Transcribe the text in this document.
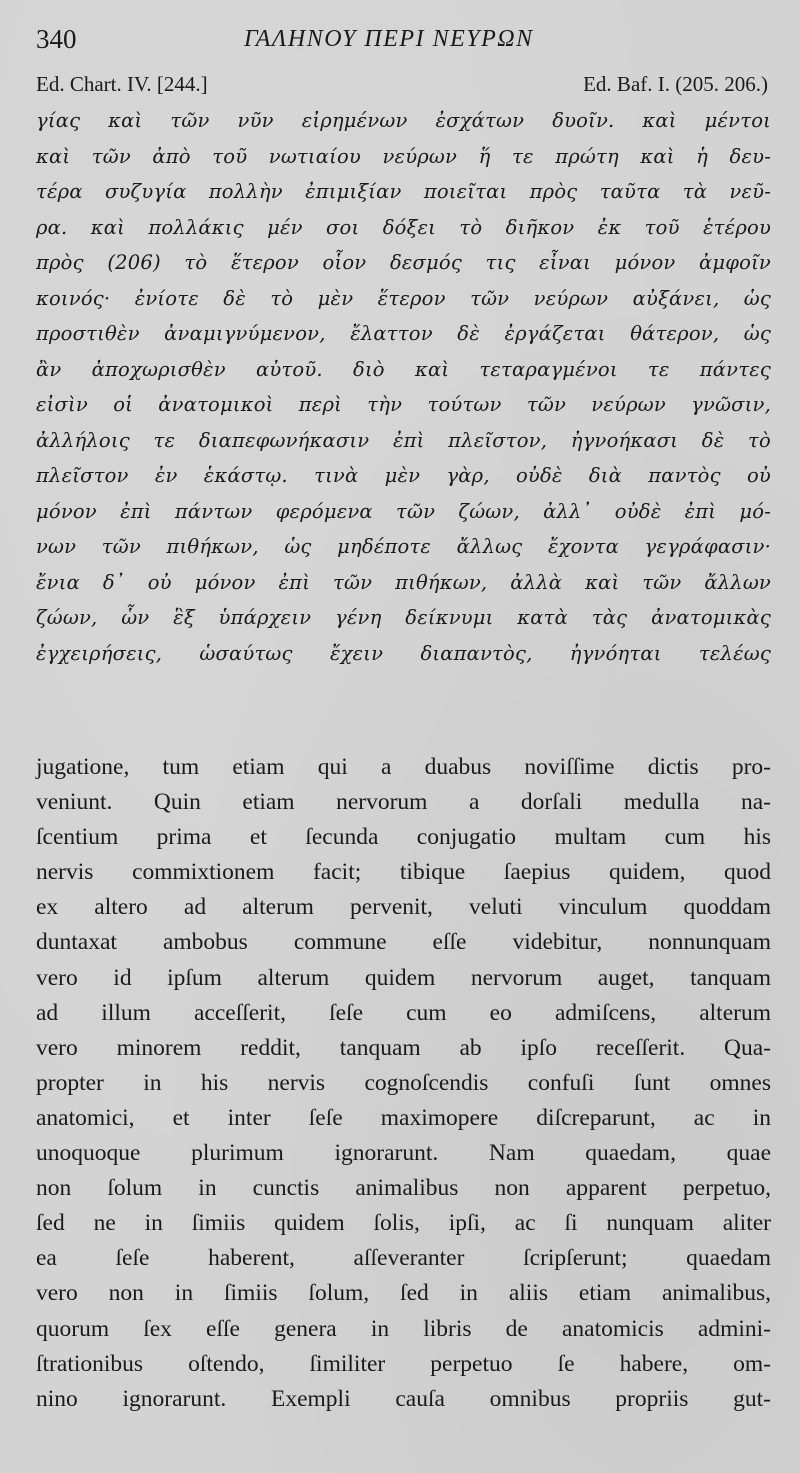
340	ΓΑΛΗΝΟΥ ΠΕΡΙ ΝΕΥΡΩΝ
Ed. Chart. IV. [244.]	Ed. Baf. I. (205. 206.)
γίας καὶ τῶν νῦν εἰρημένων ἐσχάτων δυοῖν. καὶ μέντοι
καὶ τῶν ἀπὸ τοῦ νωτιαίου νεύρων ἥ τε πρώτη καὶ ἡ δευ-
τέρα συζυγία πολλὴν ἐπιμιξίαν ποιεῖται πρὸς ταῦτα τὰ νεῦ-
ρα. καὶ πολλάκις μέν σοι δόξει τὸ διῆκον ἐκ τοῦ ἑτέρου
πρὸς (206) τὸ ἕτερον οἷον δεσμός τις εἶναι μόνον ἀμφοῖν
κοινός· ἐνίοτε δὲ τὸ μὲν ἕτερον τῶν νεύρων αὐξάνει, ὡς
προστιθὲν ἀναμιγνύμενον, ἔλαττον δὲ ἐργάζεται θάτερον, ὡς
ἂν ἀποχωρισθὲν αὐτοῦ. διὸ καὶ τεταραγμένοι τε πάντες
εἰσὶν οἱ ἀνατομικοὶ περὶ τὴν τούτων τῶν νεύρων γνῶσιν,
ἀλλήλοις τε διαπεφωνήκασιν ἐπὶ πλεῖστον, ἠγνοήκασι δὲ τὸ
πλεῖστον ἐν ἑκάστῳ. τινὰ μὲν γὰρ, οὐδὲ διὰ παντὸς οὐ
μόνον ἐπὶ πάντων φερόμενα τῶν ζώων, ἀλλ᾽ οὐδὲ ἐπὶ μό-
νων τῶν πιθήκων, ὡς μηδέποτε ἄλλως ἔχοντα γεγράφασιν·
ἔνια δ᾽ οὐ μόνον ἐπὶ τῶν πιθήκων, ἀλλὰ καὶ τῶν ἄλλων
ζώων, ὧν ἓξ ὑπάρχειν γένη δείκνυμι κατὰ τὰς ἀνατομικὰς
ἐγχειρήσεις, ὡσαύτως ἔχειν διαπαντὸς, ἠγνόηται τελέως
jugatione, tum etiam qui a duabus noviſſime dictis pro-
veniunt. Quin etiam nervorum a dorſali medulla na-
ſcentium prima et ſecunda conjugatio multam cum his
nervis commixtionem facit; tibique ſaepius quidem, quod
ex altero ad alterum pervenit, veluti vinculum quoddam
duntaxat ambobus commune eſſe videbitur, nonnunquam
vero id ipſum alterum quidem nervorum auget, tanquam
ad illum acceſſerit, ſeſe cum eo admiſcens, alterum
vero minorem reddit, tanquam ab ipſo receſſerit. Qua-
propter in his nervis cognoſcendis confuſi ſunt omnes
anatomici, et inter ſeſe maximopere diſcreparunt, ac in
unoquoque plurimum ignorarunt. Nam quaedam, quae
non ſolum in cunctis animalibus non apparent perpetuo,
ſed ne in ſimiis quidem ſolis, ipſi, ac ſi nunquam aliter
ea ſeſe haberent, aſſeveranter ſcripſerunt; quaedam
vero non in ſimiis ſolum, ſed in aliis etiam animalibus,
quorum ſex eſſe genera in libris de anatomicis admini-
ſtrationibus oſtendo, ſimiliter perpetuo ſe habere, om-
nino ignorarunt. Exempli cauſa omnibus propriis gut-
